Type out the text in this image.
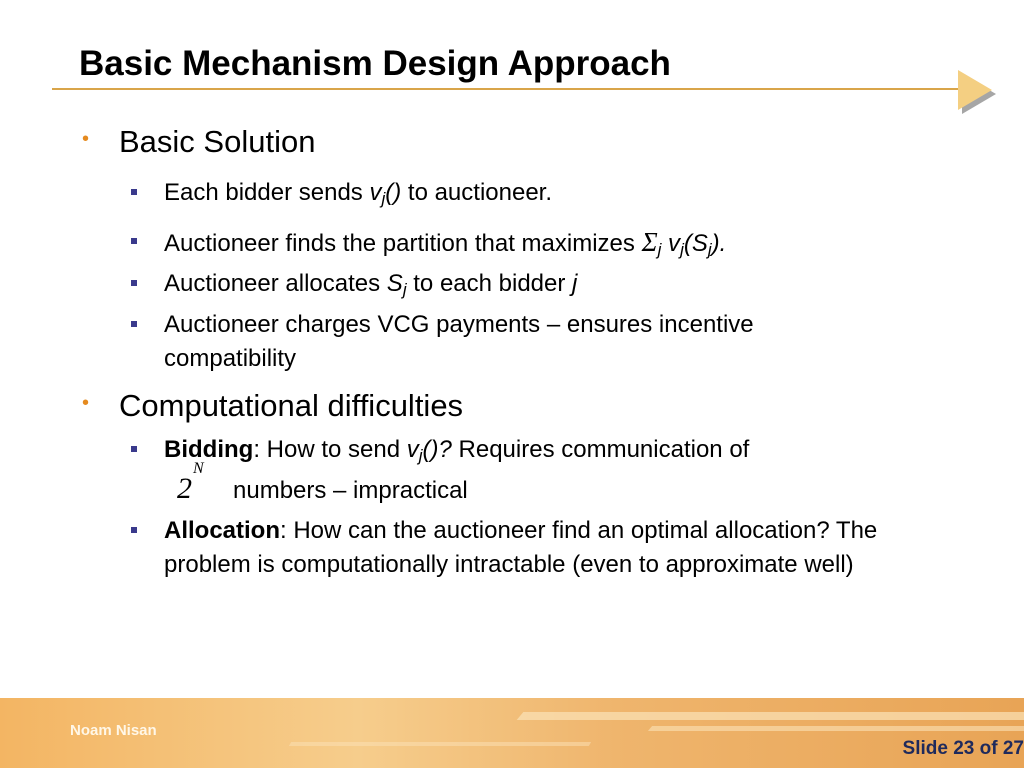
Basic Mechanism Design Approach
• Basic Solution
Each bidder sends vj() to auctioneer.
Auctioneer finds the partition that maximizes Σj vj(Sj).
Auctioneer allocates Sj to each bidder j
Auctioneer charges VCG payments – ensures incentive compatibility
• Computational difficulties
Bidding: How to send vj()? Requires communication of
$2^N$
numbers – impractical
Allocation: How can the auctioneer find an optimal allocation? The problem is computationally intractable (even to approximate well)
Noam Nisan
Slide 23 of 27
